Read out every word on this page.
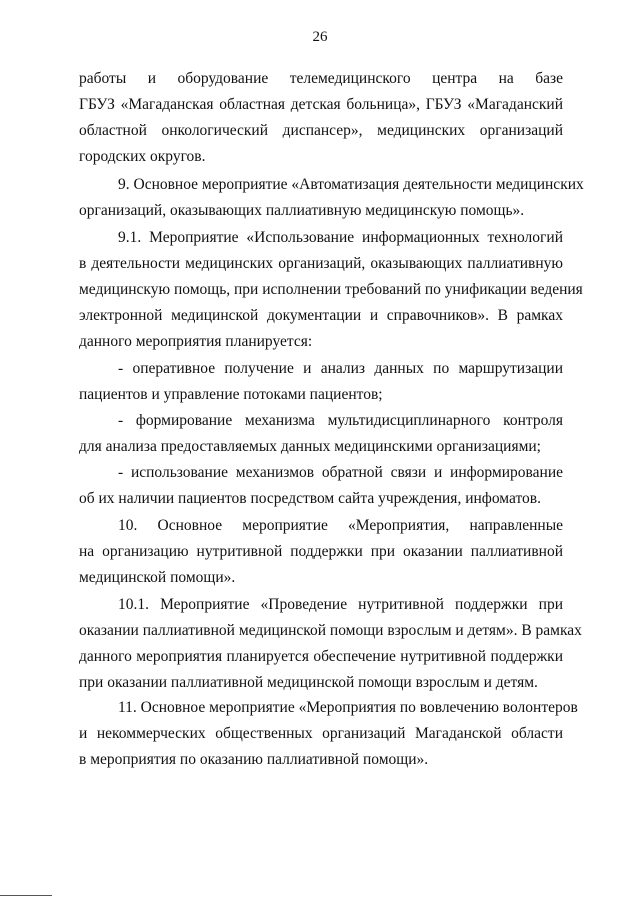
26
работы и оборудование телемедицинского центра на базе
ГБУЗ «Магаданская областная детская больница», ГБУЗ «Магаданский
областной онкологический диспансер», медицинских организаций
городских округов.
9. Основное мероприятие «Автоматизация деятельности медицинских
организаций, оказывающих паллиативную медицинскую помощь».
9.1. Мероприятие «Использование информационных технологий
в деятельности медицинских организаций, оказывающих паллиативную
медицинскую помощь, при исполнении требований по унификации ведения
электронной медицинской документации и справочников». В рамках
данного мероприятия планируется:
- оперативное получение и анализ данных по маршрутизации
пациентов и управление потоками пациентов;
- формирование механизма мультидисциплинарного контроля
для анализа предоставляемых данных медицинскими организациями;
- использование механизмов обратной связи и информирование
об их наличии пациентов посредством сайта учреждения, инфоматов.
10. Основное мероприятие «Мероприятия, направленные
на организацию нутритивной поддержки при оказании паллиативной
медицинской помощи».
10.1. Мероприятие «Проведение нутритивной поддержки при
оказании паллиативной медицинской помощи взрослым и детям». В рамках
данного мероприятия планируется обеспечение нутритивной поддержки
при оказании паллиативной медицинской помощи взрослым и детям.
11. Основное мероприятие «Мероприятия по вовлечению волонтеров
и некоммерческих общественных организаций Магаданской области
в мероприятия по оказанию паллиативной помощи».
